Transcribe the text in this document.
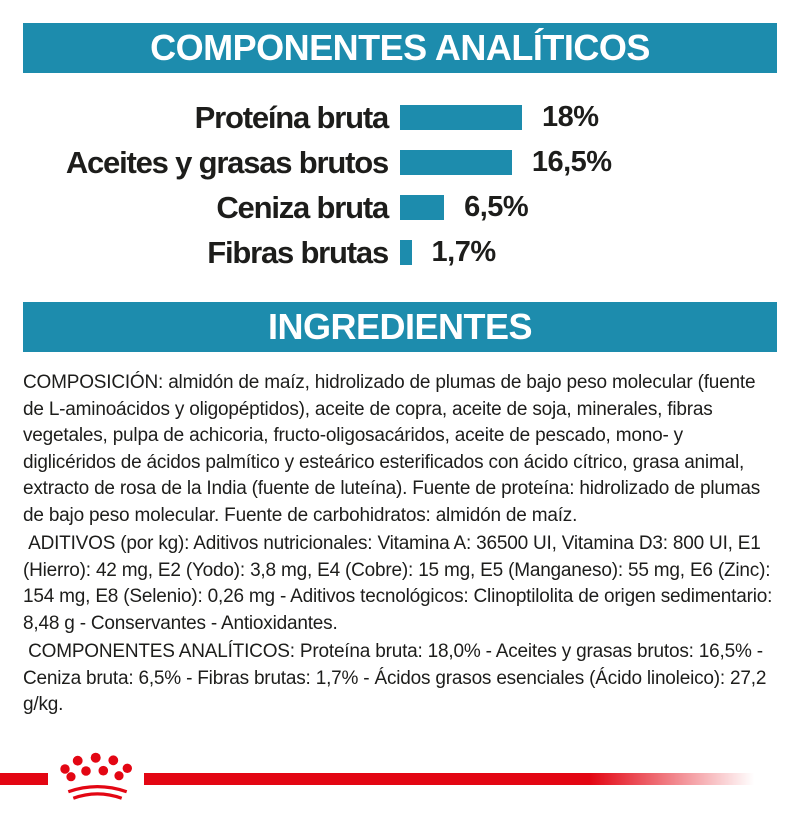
COMPONENTES ANALÍTICOS
Proteína bruta	18%
Aceites y grasas brutos	16,5%
Ceniza bruta	6,5%
Fibras brutas 1,7%
INGREDIENTES

COMPOSICIÓN: almidón de maíz, hidrolizado de plumas de bajo peso molecular (fuente de L-aminoácidos y oligopéptidos), aceite de copra, aceite de soja, minerales, fibras vegetales, pulpa de achicoria, fructo-oligosacáridos, aceite de pescado, mono- y diglicéridos de ácidos palmítico y esteárico esterificados con ácido cítrico, grasa animal, extracto de rosa de la India (fuente de luteína). Fuente de proteína: hidrolizado de plumas de bajo peso molecular. Fuente de carbohidratos: almidón de maíz.

ADITIVOS (por kg): Aditivos nutricionales: Vitamina A: 36500 UI, Vitamina D3: 800 UI, E1 (Hierro): 42 mg, E2 (Yodo): 3,8 mg, E4 (Cobre): 15 mg, E5 (Manganeso): 55 mg, E6 (Zinc): 154 mg, E8 (Selenio): 0,26 mg - Aditivos tecnológicos: Clinoptilolita de origen sedimentario: 8,48 g - Conservantes - Antioxidantes.

COMPONENTES ANALÍTICOS: Proteína bruta: 18,0% - Aceites y grasas brutos: 16,5% - Ceniza bruta: 6,5% - Fibras brutas: 1,7% - Ácidos grasos esenciales (Ácido linoleico): 27,2 g/kg.
